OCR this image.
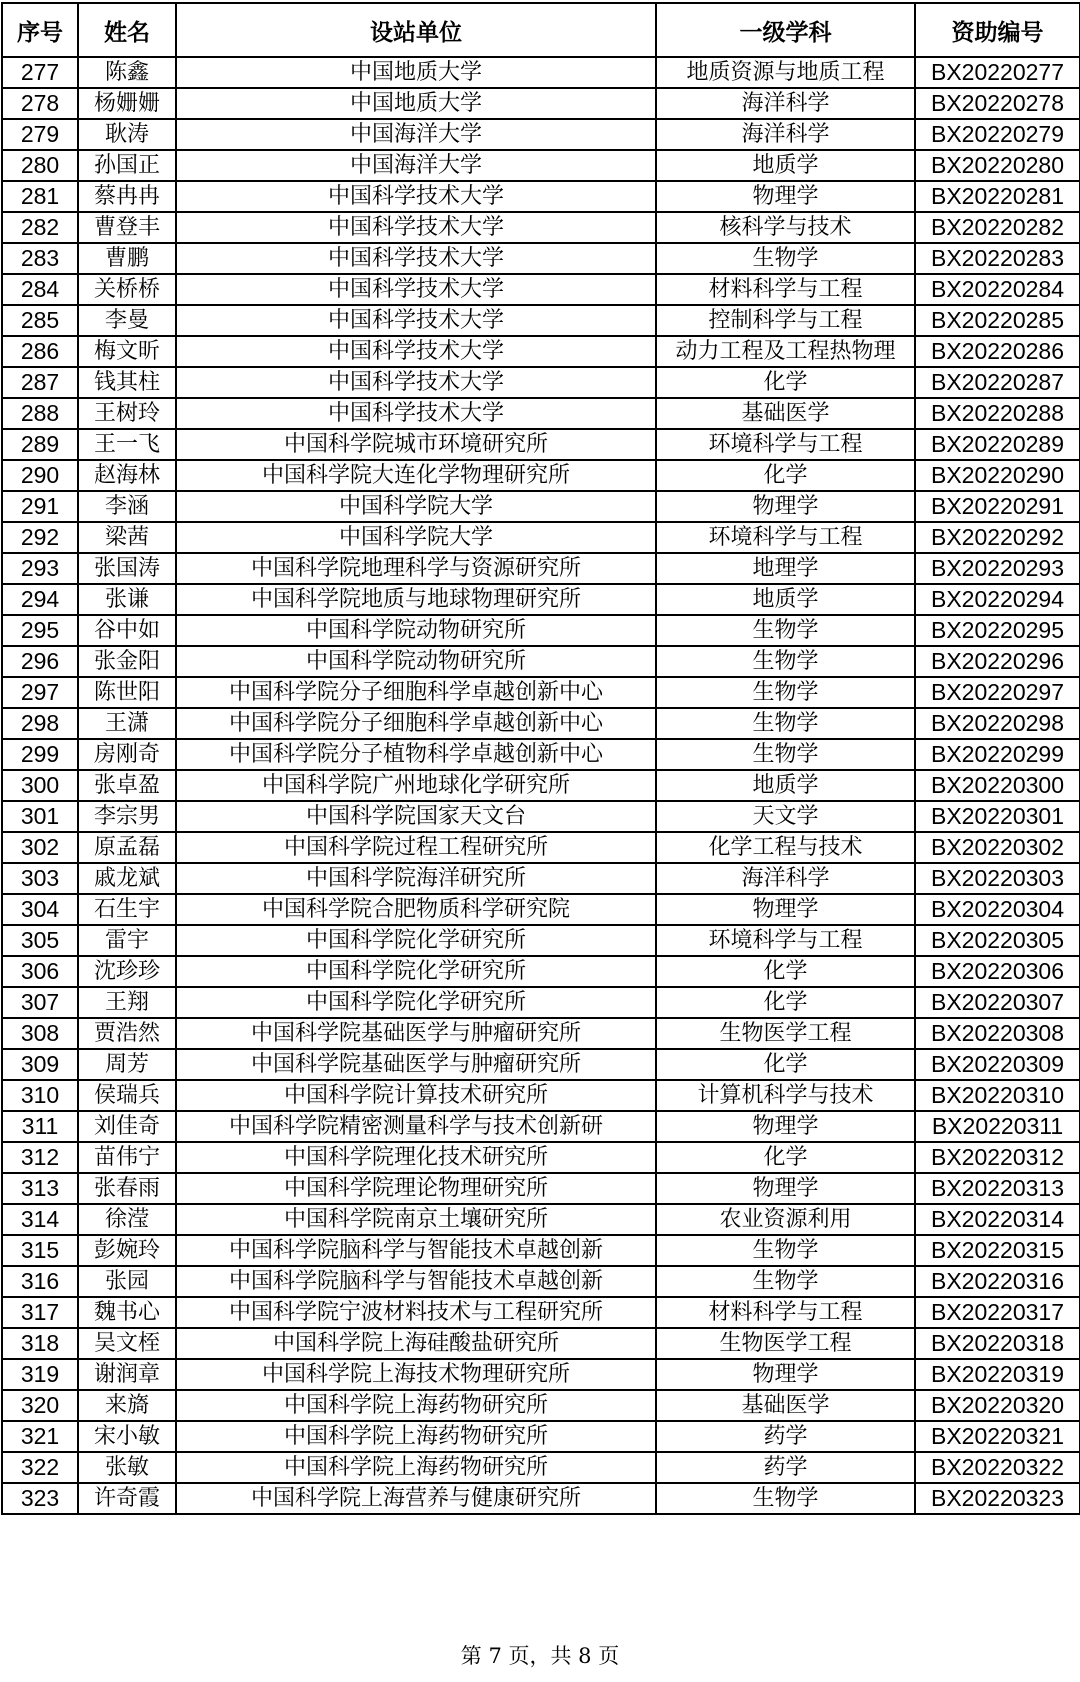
序号	姓名	设站单位	一级学科	资助编号
277	陈鑫	中国地质大学	地质资源与地质工程	BX20220277
278	杨姗姗	中国地质大学	海洋科学	BX20220278
279	耿涛	中国海洋大学	海洋科学	BX20220279
280	孙国正	中国海洋大学	地质学	BX20220280
281	蔡冉冉	中国科学技术大学	物理学	BX20220281
282	曹登丰	中国科学技术大学	核科学与技术	BX20220282
283	曹鹏	中国科学技术大学	生物学	BX20220283
284	关桥桥	中国科学技术大学	材料科学与工程	BX20220284
285	李曼	中国科学技术大学	控制科学与工程	BX20220285
286	梅文昕	中国科学技术大学	动力工程及工程热物理	BX20220286
287	钱其柱	中国科学技术大学	化学	BX20220287
288	王树玲	中国科学技术大学	基础医学	BX20220288
289	王一飞	中国科学院城市环境研究所	环境科学与工程	BX20220289
290	赵海林	中国科学院大连化学物理研究所	化学	BX20220290
291	李涵	中国科学院大学	物理学	BX20220291
292	梁茜	中国科学院大学	环境科学与工程	BX20220292
293	张国涛	中国科学院地理科学与资源研究所	地理学	BX20220293
294	张谦	中国科学院地质与地球物理研究所	地质学	BX20220294
295	谷中如	中国科学院动物研究所	生物学	BX20220295
296	张金阳	中国科学院动物研究所	生物学	BX20220296
297	陈世阳	中国科学院分子细胞科学卓越创新中心	生物学	BX20220297
298	王潇	中国科学院分子细胞科学卓越创新中心	生物学	BX20220298
299	房刚奇	中国科学院分子植物科学卓越创新中心	生物学	BX20220299
300	张卓盈	中国科学院广州地球化学研究所	地质学	BX20220300
301	李宗男	中国科学院国家天文台	天文学	BX20220301
302	原孟磊	中国科学院过程工程研究所	化学工程与技术	BX20220302
303	戚龙斌	中国科学院海洋研究所	海洋科学	BX20220303
304	石生宇	中国科学院合肥物质科学研究院	物理学	BX20220304
305	雷宇	中国科学院化学研究所	环境科学与工程	BX20220305
306	沈珍珍	中国科学院化学研究所	化学	BX20220306
307	王翔	中国科学院化学研究所	化学	BX20220307
308	贾浩然	中国科学院基础医学与肿瘤研究所	生物医学工程	BX20220308
309	周芳	中国科学院基础医学与肿瘤研究所	化学	BX20220309
310	侯瑞兵	中国科学院计算技术研究所	计算机科学与技术	BX20220310
311	刘佳奇	中国科学院精密测量科学与技术创新研	物理学	BX20220311
312	苗伟宁	中国科学院理化技术研究所	化学	BX20220312
313	张春雨	中国科学院理论物理研究所	物理学	BX20220313
314	徐滢	中国科学院南京土壤研究所	农业资源利用	BX20220314
315	彭婉玲	中国科学院脑科学与智能技术卓越创新	生物学	BX20220315
316	张园	中国科学院脑科学与智能技术卓越创新	生物学	BX20220316
317	魏书心	中国科学院宁波材料技术与工程研究所	材料科学与工程	BX20220317
318	吴文桎	中国科学院上海硅酸盐研究所	生物医学工程	BX20220318
319	谢润章	中国科学院上海技术物理研究所	物理学	BX20220319
320	来旖	中国科学院上海药物研究所	基础医学	BX20220320
321	宋小敏	中国科学院上海药物研究所	药学	BX20220321
322	张敏	中国科学院上海药物研究所	药学	BX20220322
323	许奇霞	中国科学院上海营养与健康研究所	生物学	BX20220323
第 7 页，共 8 页
